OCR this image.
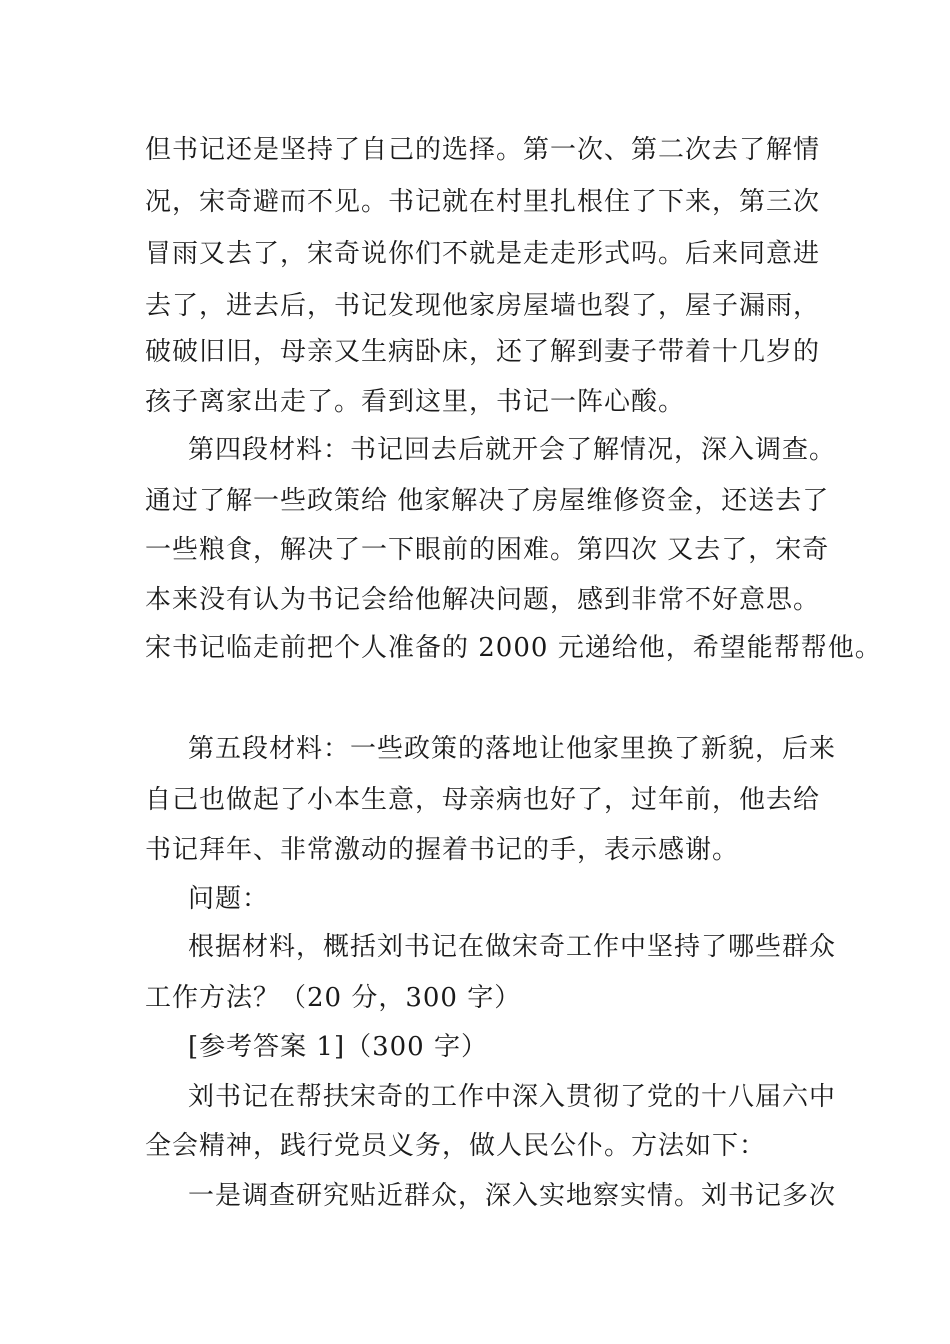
但书记还是坚持了自己的选择。第一次、第二次去了解情
况，宋奇避而不见。书记就在村里扎根住了下来，第三次
冒雨又去了，宋奇说你们不就是走走形式吗。后来同意进
去了，进去后，书记发现他家房屋墙也裂了，屋子漏雨，
破破旧旧，母亲又生病卧床，还了解到妻子带着十几岁的
孩子离家出走了。看到这里，书记一阵心酸。
第四段材料：书记回去后就开会了解情况，深入调查。
通过了解一些政策给 他家解决了房屋维修资金，还送去了
一些粮食，解决了一下眼前的困难。第四次 又去了，宋奇
本来没有认为书记会给他解决问题，感到非常不好意思。
宋书记临走前把个人准备的 2000 元递给他，希望能帮帮他。
第五段材料：一些政策的落地让他家里换了新貌，后来
自己也做起了小本生意，母亲病也好了，过年前，他去给
书记拜年、非常激动的握着书记的手，表示感谢。
问题：
根据材料，概括刘书记在做宋奇工作中坚持了哪些群众
工作方法？（20 分，300 字）
[参考答案 1]（300 字）
刘书记在帮扶宋奇的工作中深入贯彻了党的十八届六中
全会精神，践行党员义务，做人民公仆。方法如下：
一是调查研究贴近群众，深入实地察实情。刘书记多次
